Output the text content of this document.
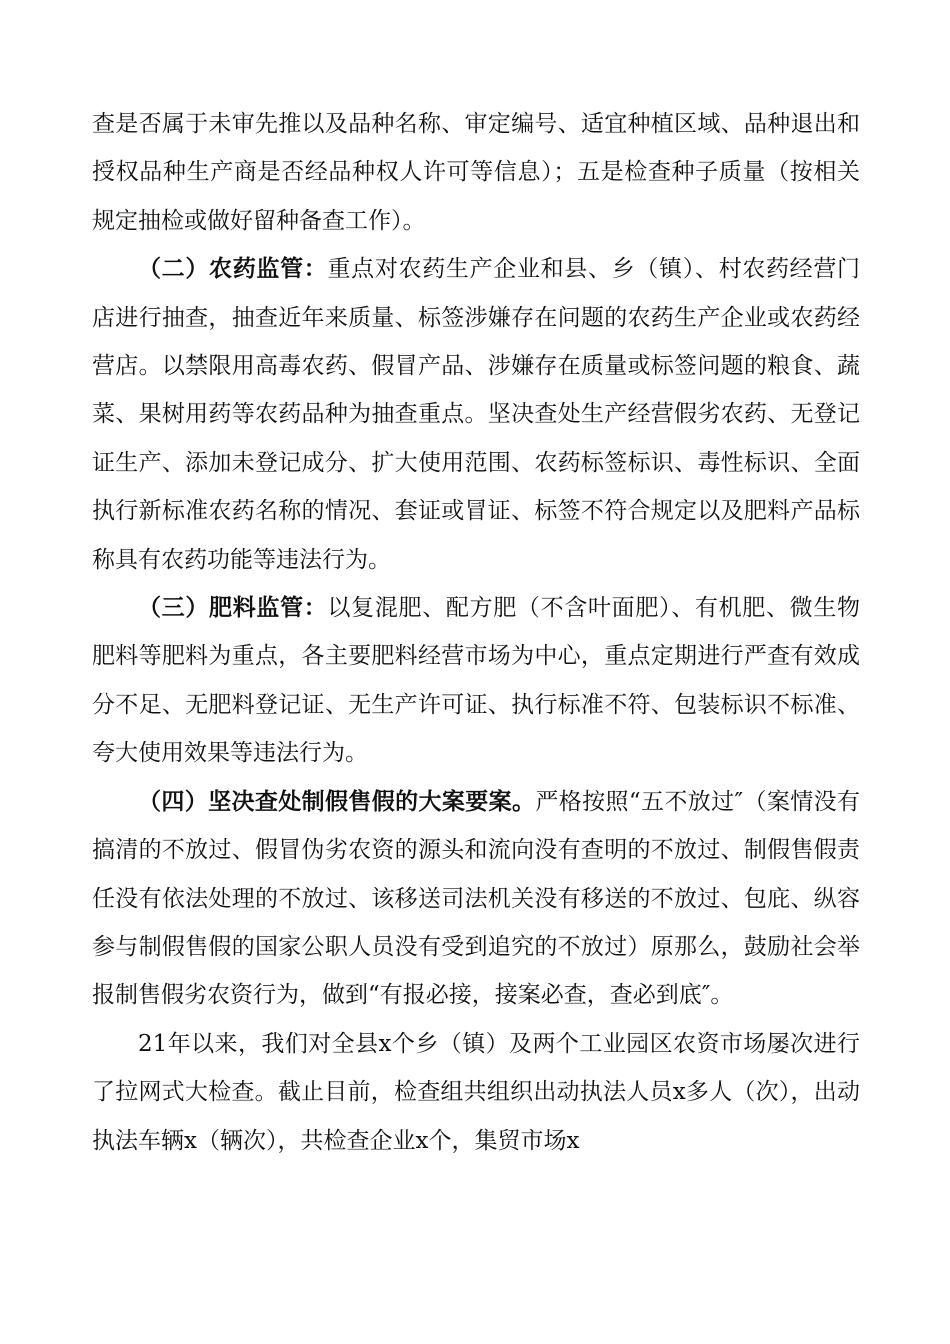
查是否属于未审先推以及品种名称、审定编号、适宜种植区域、品种退出和授权品种生产商是否经品种权人许可等信息）；五是检查种子质量（按相关规定抽检或做好留种备查工作）。

（二）农药监管：重点对农药生产企业和县、乡（镇）、村农药经营门店进行抽查，抽查近年来质量、标签涉嫌存在问题的农药生产企业或农药经营店。以禁限用高毒农药、假冒产品、涉嫌存在质量或标签问题的粮食、蔬菜、果树用药等农药品种为抽查重点。坚决查处生产经营假劣农药、无登记证生产、添加未登记成分、扩大使用范围、农药标签标识、毒性标识、全面执行新标准农药名称的情况、套证或冒证、标签不符合规定以及肥料产品标称具有农药功能等违法行为。

（三）肥料监管：以复混肥、配方肥（不含叶面肥）、有机肥、微生物肥料等肥料为重点，各主要肥料经营市场为中心，重点定期进行严查有效成分不足、无肥料登记证、无生产许可证、执行标准不符、包装标识不标准、夸大使用效果等违法行为。

（四）坚决查处制假售假的大案要案。严格按照“五不放过″（案情没有搞清的不放过、假冒伪劣农资的源头和流向没有查明的不放过、制假售假责任没有依法处理的不放过、该移送司法机关没有移送的不放过、包庇、纵容参与制假售假的国家公职人员没有受到追究的不放过）原那么，鼓励社会举报制售假劣农资行为，做到“有报必接，接案必查，查必到底″。

21年以来，我们对全县x个乡（镇）及两个工业园区农资市场屡次进行了拉网式大检查。截止目前，检查组共组织出动执法人员x多人（次），出动执法车辆x（辆次），共检查企业x个，集贸市场x
